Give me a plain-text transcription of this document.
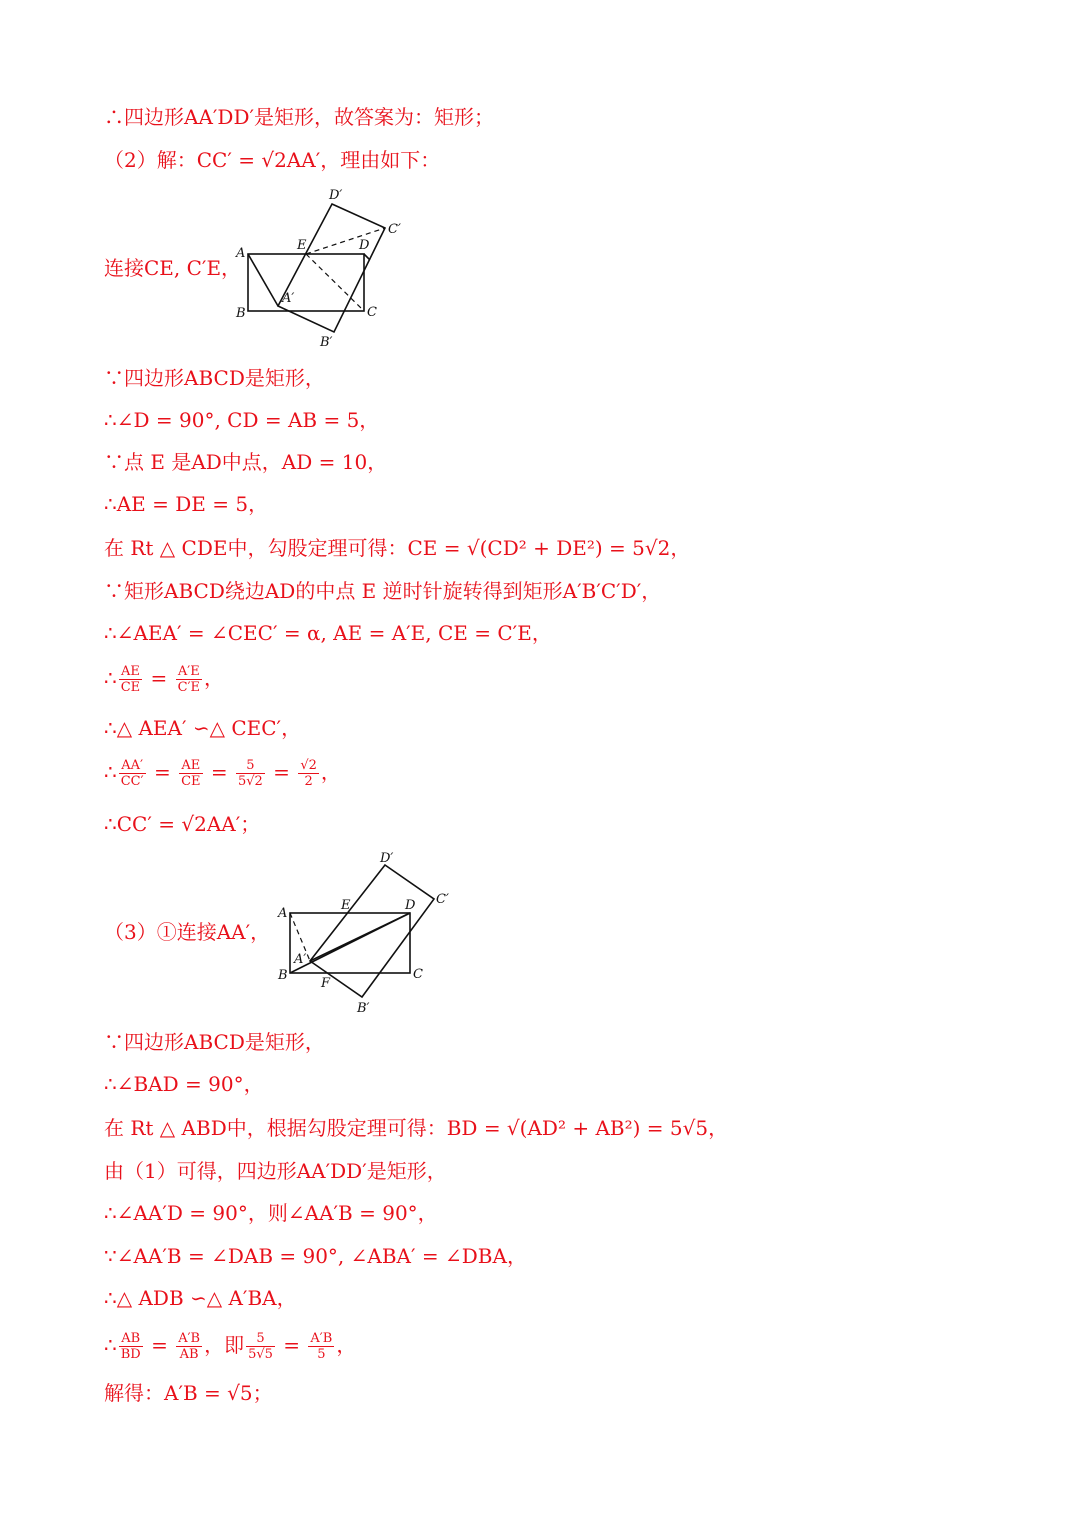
∴四边形AA′DD′是矩形，故答案为：矩形；
（2）解：CC′ = √2AA′，理由如下：
连接CE, C′E，
∵四边形ABCD是矩形，
∴∠D = 90°, CD = AB = 5，
∵点 E 是AD中点，AD = 10，
∴AE = DE = 5，
在 Rt △ CDE中，勾股定理可得：CE = √(CD² + DE²) = 5√2，
∵矩形ABCD绕边AD的中点 E 逆时针旋转得到矩形A′B′C′D′，
∴∠AEA′ = ∠CEC′ = α, AE = A′E, CE = C′E，
∴ $\frac{AE}{CE} = \frac{A'E}{C'E}$ ，
∴△ AEA′ ∽△ CEC′，
∴ $\frac{AA'}{CC'} = \frac{AE}{CE} = \frac{5}{5√2} = \frac{√2}{2}$ ，
∴CC′ = √2AA′；
（3）①连接AA′，
∵四边形ABCD是矩形，
∴∠BAD = 90°，
在 Rt △ ABD中，根据勾股定理可得：BD = √(AD² + AB²) = 5√5，
由（1）可得，四边形AA′DD′是矩形，
∴∠AA′D = 90°，则∠AA′B = 90°，
∵∠AA′B = ∠DAB = 90°, ∠ABA′ = ∠DBA，
∴△ ADB ∽△ A′BA，
∴ $\frac{AB}{BD} = \frac{A'B}{AB}$ ，即 $\frac{5}{5√5} = \frac{A'B}{5}$ ，
解得：A′B = √5；
D′
C′
A
E	D
A′
B	C
B′
D′
A
E	D C′
A′
B
F
C
B′
